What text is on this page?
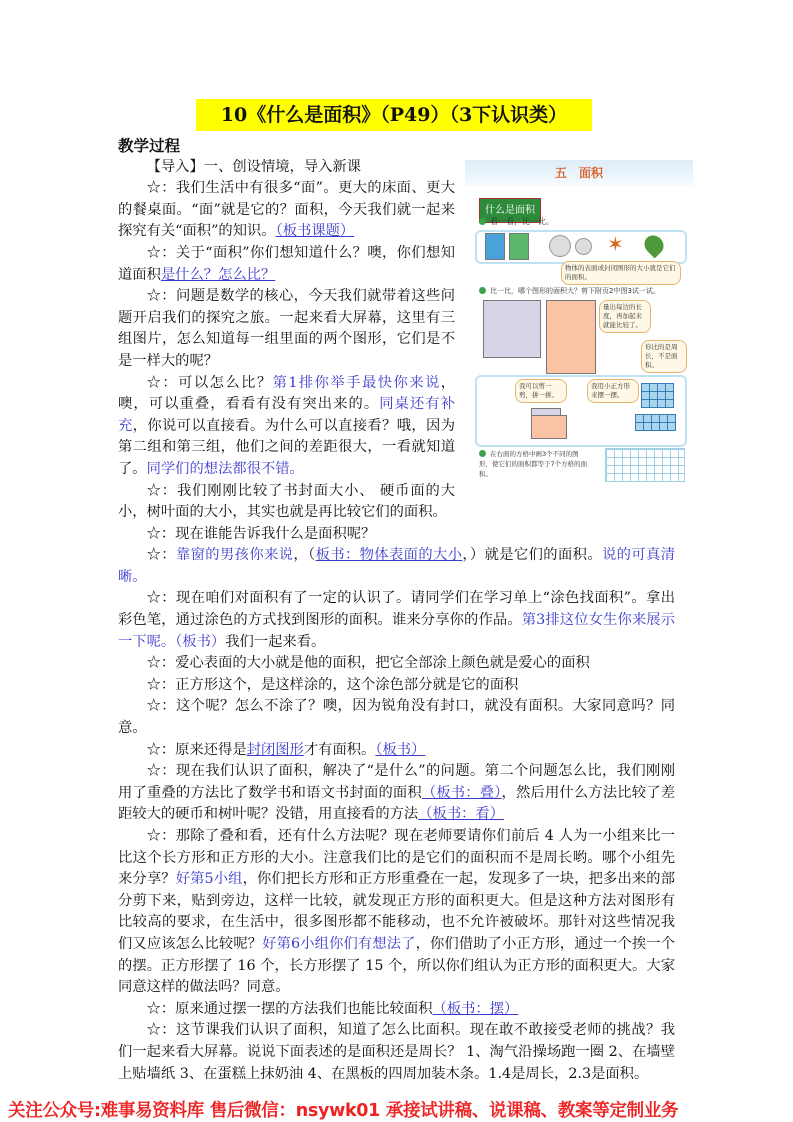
10《什么是面积》（P49）（3下认识类）
教学过程
五　面积
什么是面积
看一看，比一比。
✶
物体的表面或封闭图形的大小就是它们的面积。
比一比，哪个图形的面积大？剪下附页2中图3试一试。
量出每边的长度，再加起来就能比较了。
你比的是周长，不是面积。
我可以剪一剪，拼一拼。
我用小正方形来摆一摆。
在右面的方格中画3个不同的图形，使它们的面积都等于7个方格的面积。

【导入】一、创设情境，导入新课

☆：我们生活中有很多“面”。更大的床面、更大的餐桌面。“面”就是它的？面积，今天我们就一起来探究有关“面积”的知识。（板书课题）

☆：关于“面积”你们想知道什么？噢，你们想知道面积是什么？怎么比？

☆：问题是数学的核心，今天我们就带着这些问题开启我们的探究之旅。一起来看大屏幕，这里有三组图片，怎么知道每一组里面的两个图形，它们是不是一样大的呢？

☆：可以怎么比？第1排你举手最快你来说，噢，可以重叠，看看有没有突出来的。同桌还有补充，你说可以直接看。为什么可以直接看？哦，因为第二组和第三组，他们之间的差距很大，一看就知道了。同学们的想法都很不错。

☆：我们刚刚比较了书封面大小、 硬币面的大小，树叶面的大小，其实也就是再比较它们的面积。

☆：现在谁能告诉我什么是面积呢？

☆：靠窗的男孩你来说，（板书：物体表面的大小，）就是它们的面积。说的可真清晰。

☆：现在咱们对面积有了一定的认识了。请同学们在学习单上“涂色找面积”。拿出彩色笔，通过涂色的方式找到图形的面积。谁来分享你的作品。第3排这位女生你来展示一下呢。（板书）我们一起来看。

☆：爱心表面的大小就是他的面积，把它全部涂上颜色就是爱心的面积

☆：正方形这个，是这样涂的，这个涂色部分就是它的面积

☆：这个呢？怎么不涂了？噢，因为锐角没有封口，就没有面积。大家同意吗？同意。

☆：原来还得是封闭图形才有面积。（板书）

☆：现在我们认识了面积，解决了“是什么”的问题。第二个问题怎么比，我们刚刚用了重叠的方法比了数学书和语文书封面的面积（板书：叠），然后用什么方法比较了差距较大的硬币和树叶呢？没错，用直接看的方法（板书：看）

☆：那除了叠和看，还有什么方法呢？现在老师要请你们前后 4 人为一小组来比一比这个长方形和正方形的大小。注意我们比的是它们的面积而不是周长哟。哪个小组先来分享？好第5小组，你们把长方形和正方形重叠在一起，发现多了一块，把多出来的部分剪下来，贴到旁边，这样一比较，就发现正方形的面积更大。但是这种方法对图形有比较高的要求，在生活中，很多图形都不能移动，也不允许被破坏。那针对这些情况我们又应该怎么比较呢？好第6小组你们有想法了，你们借助了小正方形，通过一个挨一个的摆。正方形摆了 16 个，长方形摆了 15 个，所以你们组认为正方形的面积更大。大家同意这样的做法吗？同意。

☆：原来通过摆一摆的方法我们也能比较面积（板书：摆）

☆：这节课我们认识了面积，知道了怎么比面积。现在敢不敢接受老师的挑战？我们一起来看大屏幕。说说下面表述的是面积还是周长？ 1、淘气沿操场跑一圈 2、在墙壁上贴墙纸 3、在蛋糕上抹奶油 4、在黑板的四周加装木条。1.4是周长，2.3是面积。

关注公众号:难事易资料库 售后微信：nsywk01 承接试讲稿、说课稿、教案等定制业务
